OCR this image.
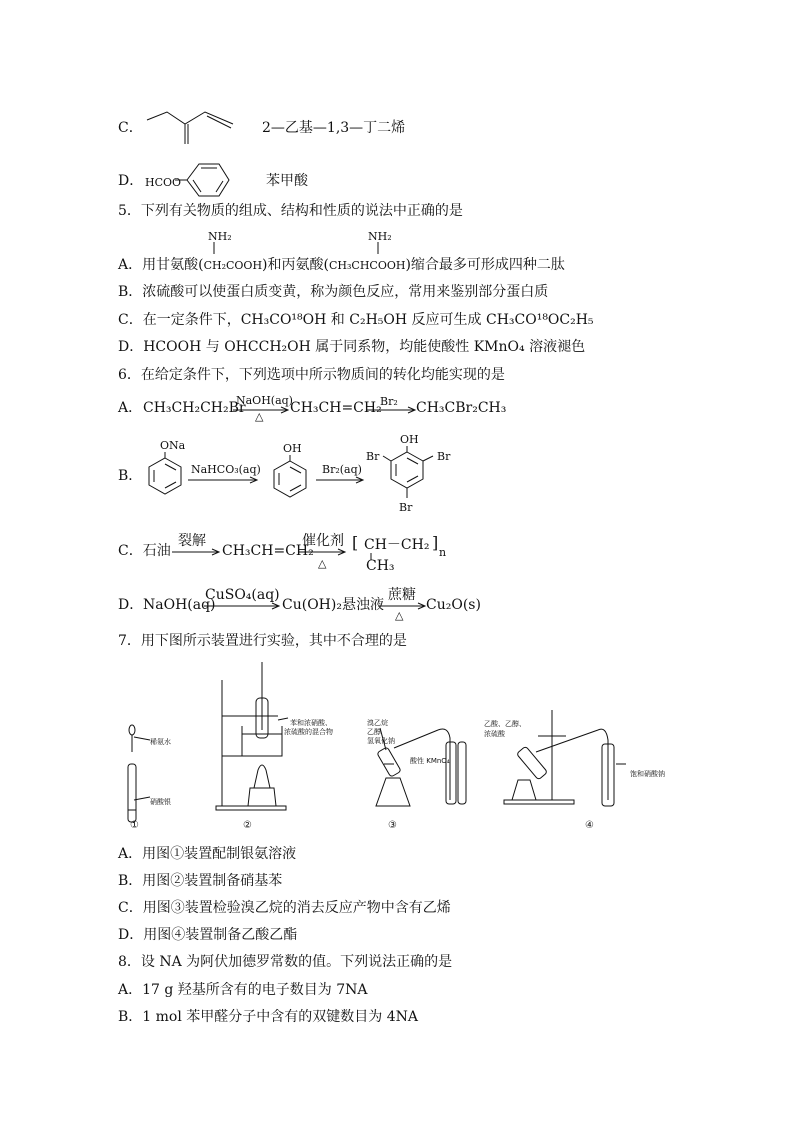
C．	2—乙基—1,3—丁二烯
D． HCOO	苯甲酸
5．下列有关物质的组成、结构和性质的说法中正确的是
NH₂	NH₂
A．用甘氨酸(CH₂COOH)和丙氨酸(CH₃CHCOOH)缩合最多可形成四种二肽
B．浓硫酸可以使蛋白质变黄，称为颜色反应，常用来鉴别部分蛋白质
C．在一定条件下，CH₃CO¹⁸OH 和 C₂H₅OH 反应可生成 CH₃CO¹⁸OC₂H₅
D．HCOOH 与 OHCCH₂OH 属于同系物，均能使酸性 KMnO₄ 溶液褪色
6．在给定条件下，下列选项中所示物质间的转化均能实现的是
A． CH₃CH₂CH₂Br
NaOH(aq)
△
CH₃CH=CH₂
Br₂ CH₃CBr₂CH₃
B．
ONa
NaHCO₃(aq)
OH
Br₂(aq)
OH
Br	Br
Br
C．石油
裂解
CH₃CH=CH₂
催化剂
△
[ CH－CH₂ ]
n
CH₃
D． NaOH(aq)
CuSO₄(aq)
Cu(OH)₂悬浊液
蔗糖
△
Cu₂O(s)
7．用下图所示装置进行实验，其中不合理的是
稀氨水
硝酸银
苯和浓硝酸、
浓硫酸的混合物
溴乙烷
乙醇
氢氧化钠
酸性 KMnO₄
乙酸、乙醇、
浓硫酸
饱和硝酸钠
①	②	③	④
A．用图①装置配制银氨溶液
B．用图②装置制备硝基苯
C．用图③装置检验溴乙烷的消去反应产物中含有乙烯
D．用图④装置制备乙酸乙酯
8．设 NA 为阿伏加德罗常数的值。下列说法正确的是
A．17 g 羟基所含有的电子数目为 7NA
B．1 mol 苯甲醛分子中含有的双键数目为 4NA
